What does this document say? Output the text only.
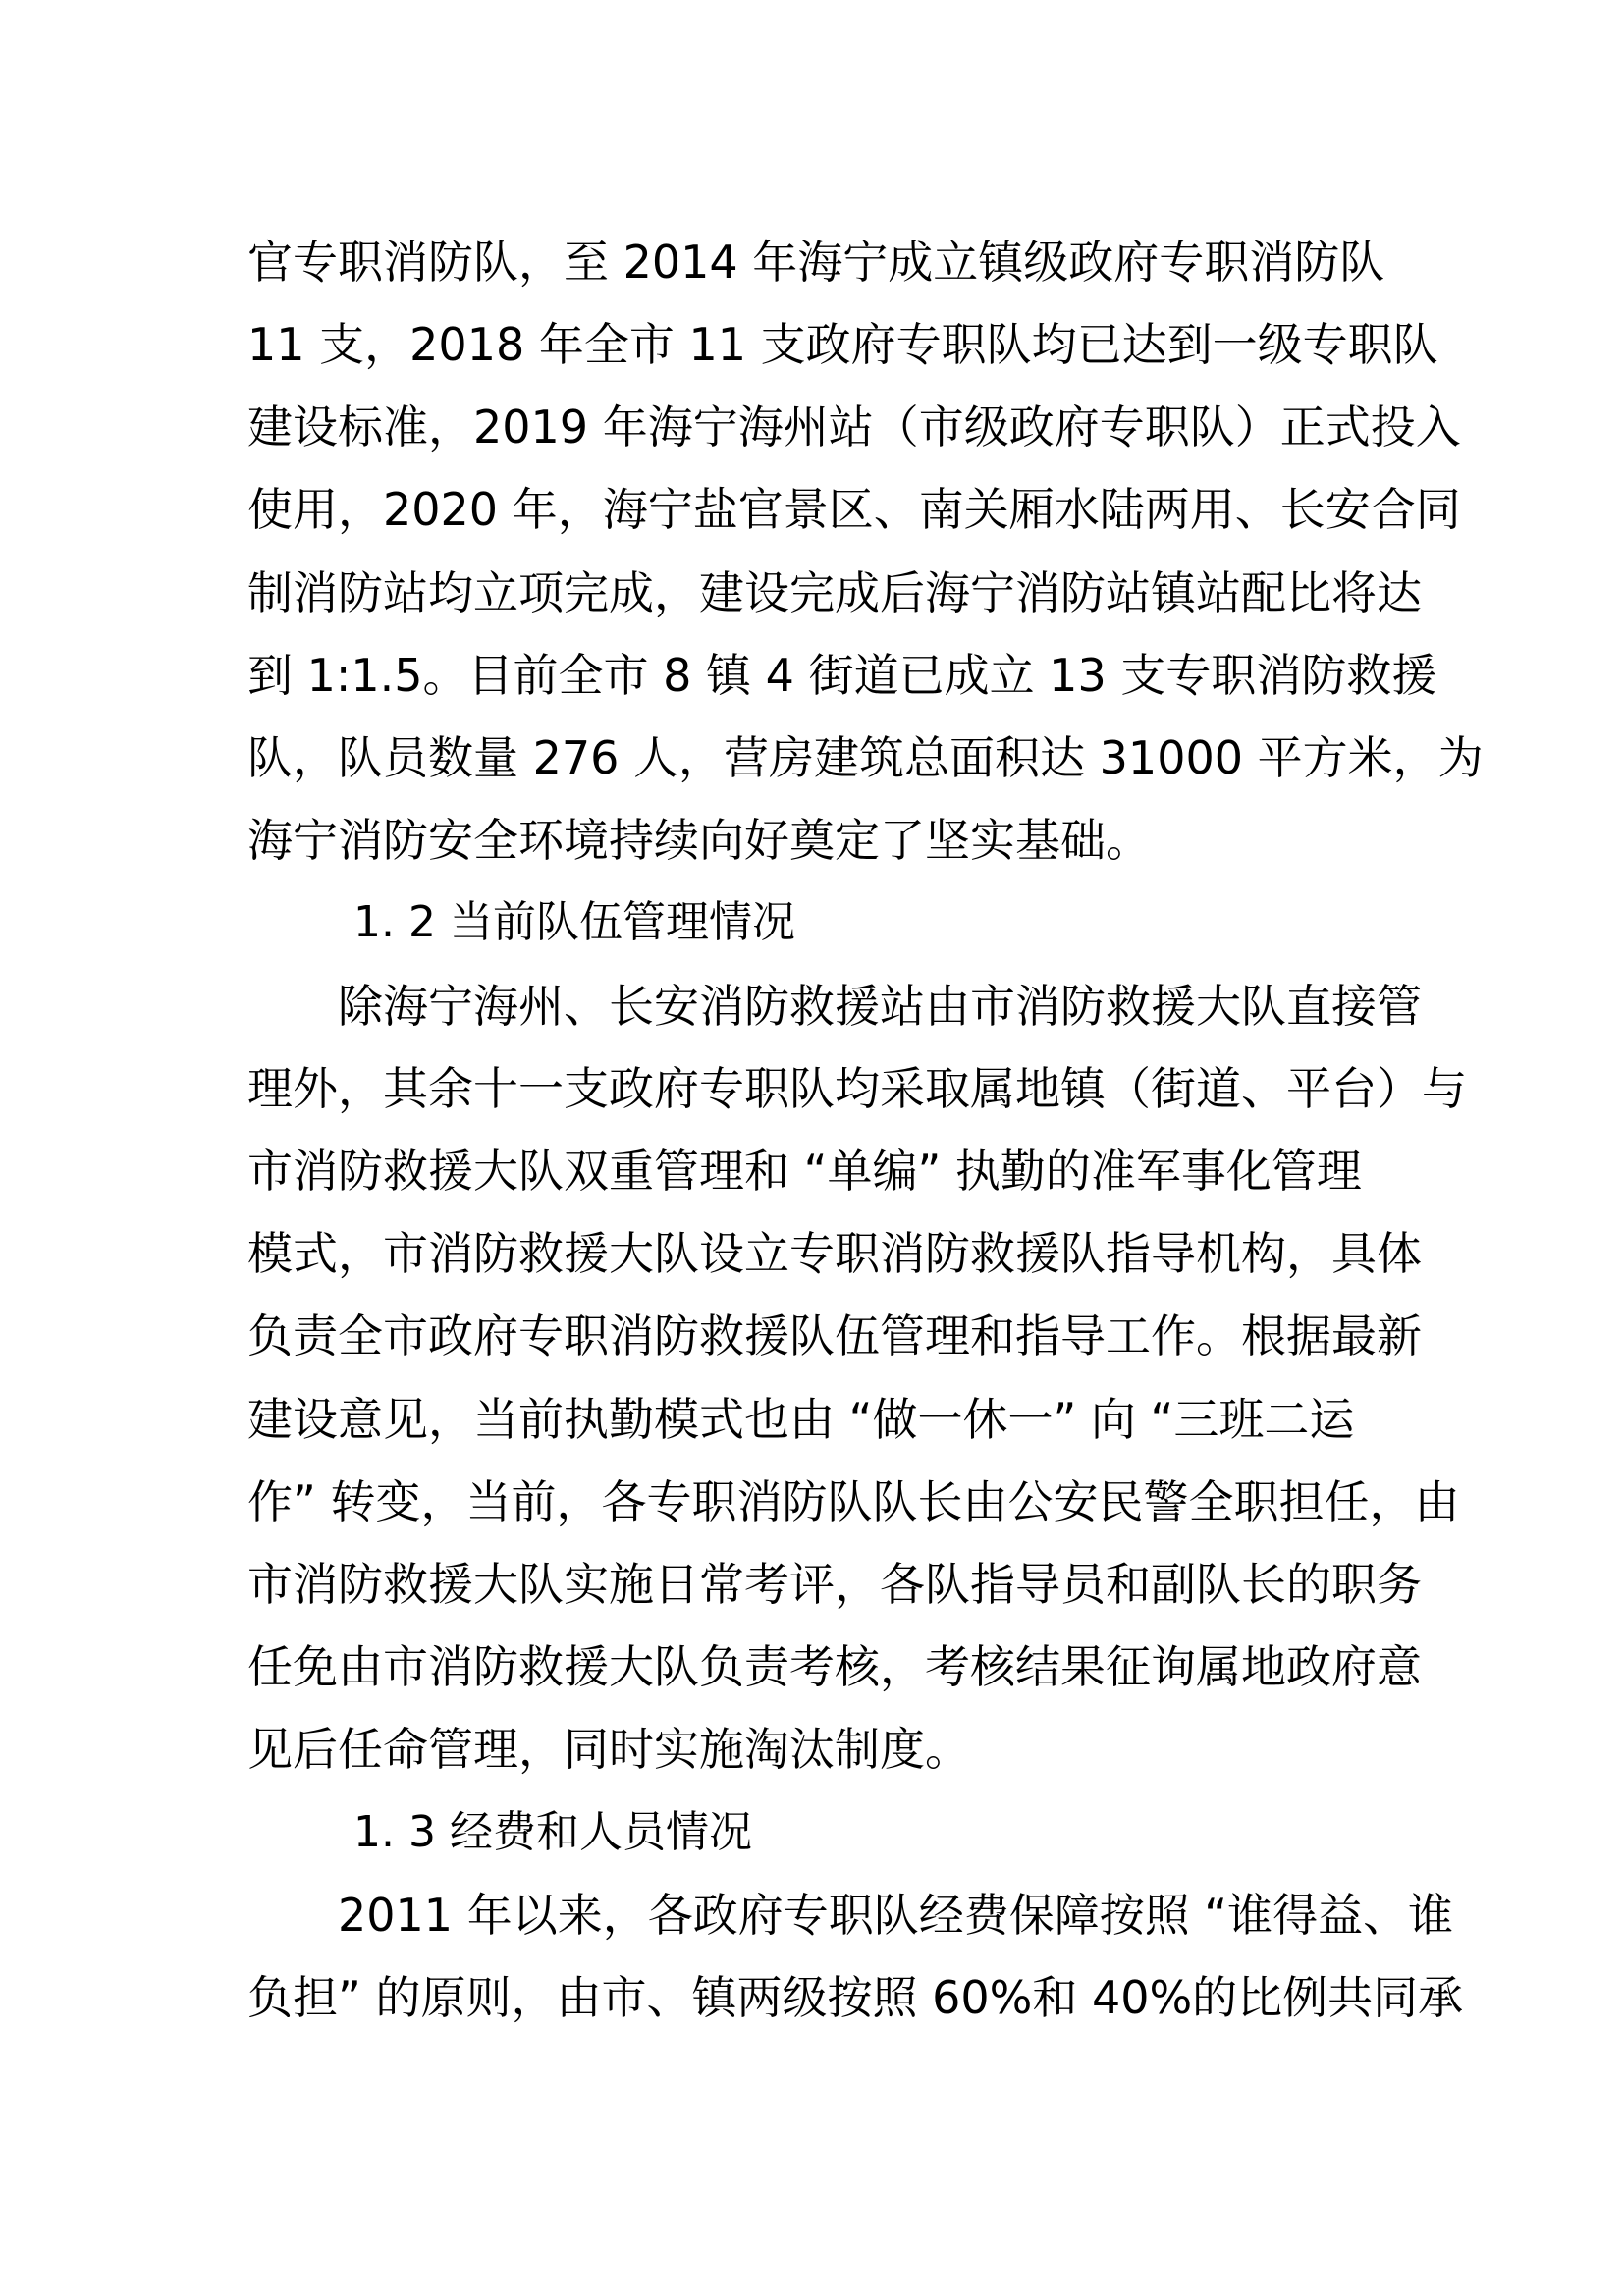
官专职消防队，至 2014 年海宁成立镇级政府专职消防队
11 支，2018 年全市 11 支政府专职队均已达到一级专职队
建设标准，2019 年海宁海州站（市级政府专职队）正式投入
使用，2020 年，海宁盐官景区、南关厢水陆两用、长安合同
制消防站均立项完成，建设完成后海宁消防站镇站配比将达
到 1:1.5。目前全市 8 镇 4 街道已成立 13 支专职消防救援
队，队员数量 276 人，营房建筑总面积达 31000 平方米，为
海宁消防安全环境持续向好奠定了坚实基础。
1. 2 当前队伍管理情况
除海宁海州、长安消防救援站由市消防救援大队直接管
理外，其余十一支政府专职队均采取属地镇（街道、平台）与
市消防救援大队双重管理和 “单编” 执勤的准军事化管理
模式，市消防救援大队设立专职消防救援队指导机构，具体
负责全市政府专职消防救援队伍管理和指导工作。根据最新
建设意见，当前执勤模式也由 “做一休一” 向 “三班二运
作” 转变，当前，各专职消防队队长由公安民警全职担任，由
市消防救援大队实施日常考评，各队指导员和副队长的职务
任免由市消防救援大队负责考核，考核结果征询属地政府意
见后任命管理，同时实施淘汰制度。
1. 3 经费和人员情况
2011 年以来，各政府专职队经费保障按照 “谁得益、谁
负担” 的原则，由市、镇两级按照 60%和 40%的比例共同承
